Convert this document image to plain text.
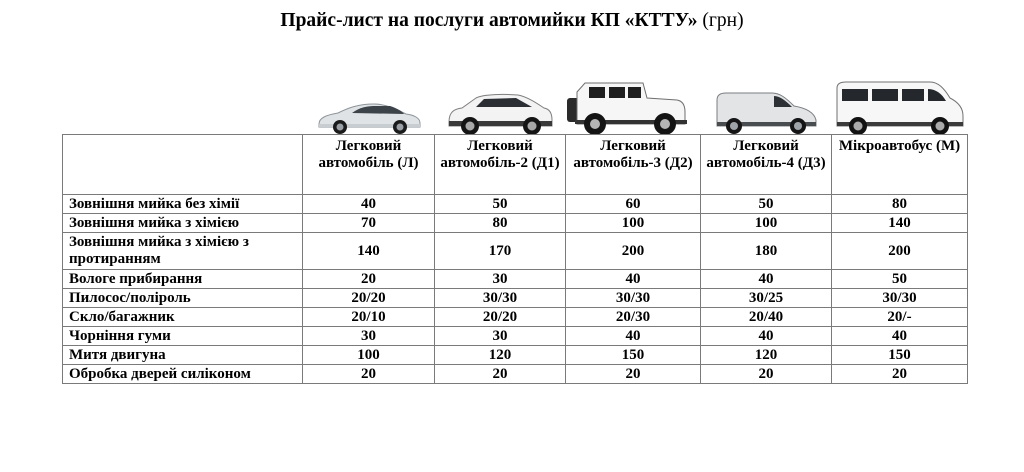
Прайс-лист на послуги автомийки КП «КТТУ» (грн)
	Легковий автомобіль (Л)	Легковий автомобіль-2 (Д1)	Легковий автомобіль-3 (Д2)	Легковий автомобіль-4 (Д3)	Мікроавтобус (М)
Зовнішня мийка без хімії	40	50	60	50	80
Зовнішня мийка з хімією	70	80	100	100	140
Зовнішня мийка з хімією з протиранням	140	170	200	180	200
Вологе прибирання	20	30	40	40	50
Пилосос/поліроль	20/20	30/30	30/30	30/25	30/30
Скло/багажник	20/10	20/20	20/30	20/40	20/-
Чорніння гуми	30	30	40	40	40
Митя двигуна	100	120	150	120	150
Обробка дверей силіконом	20	20	20	20	20
